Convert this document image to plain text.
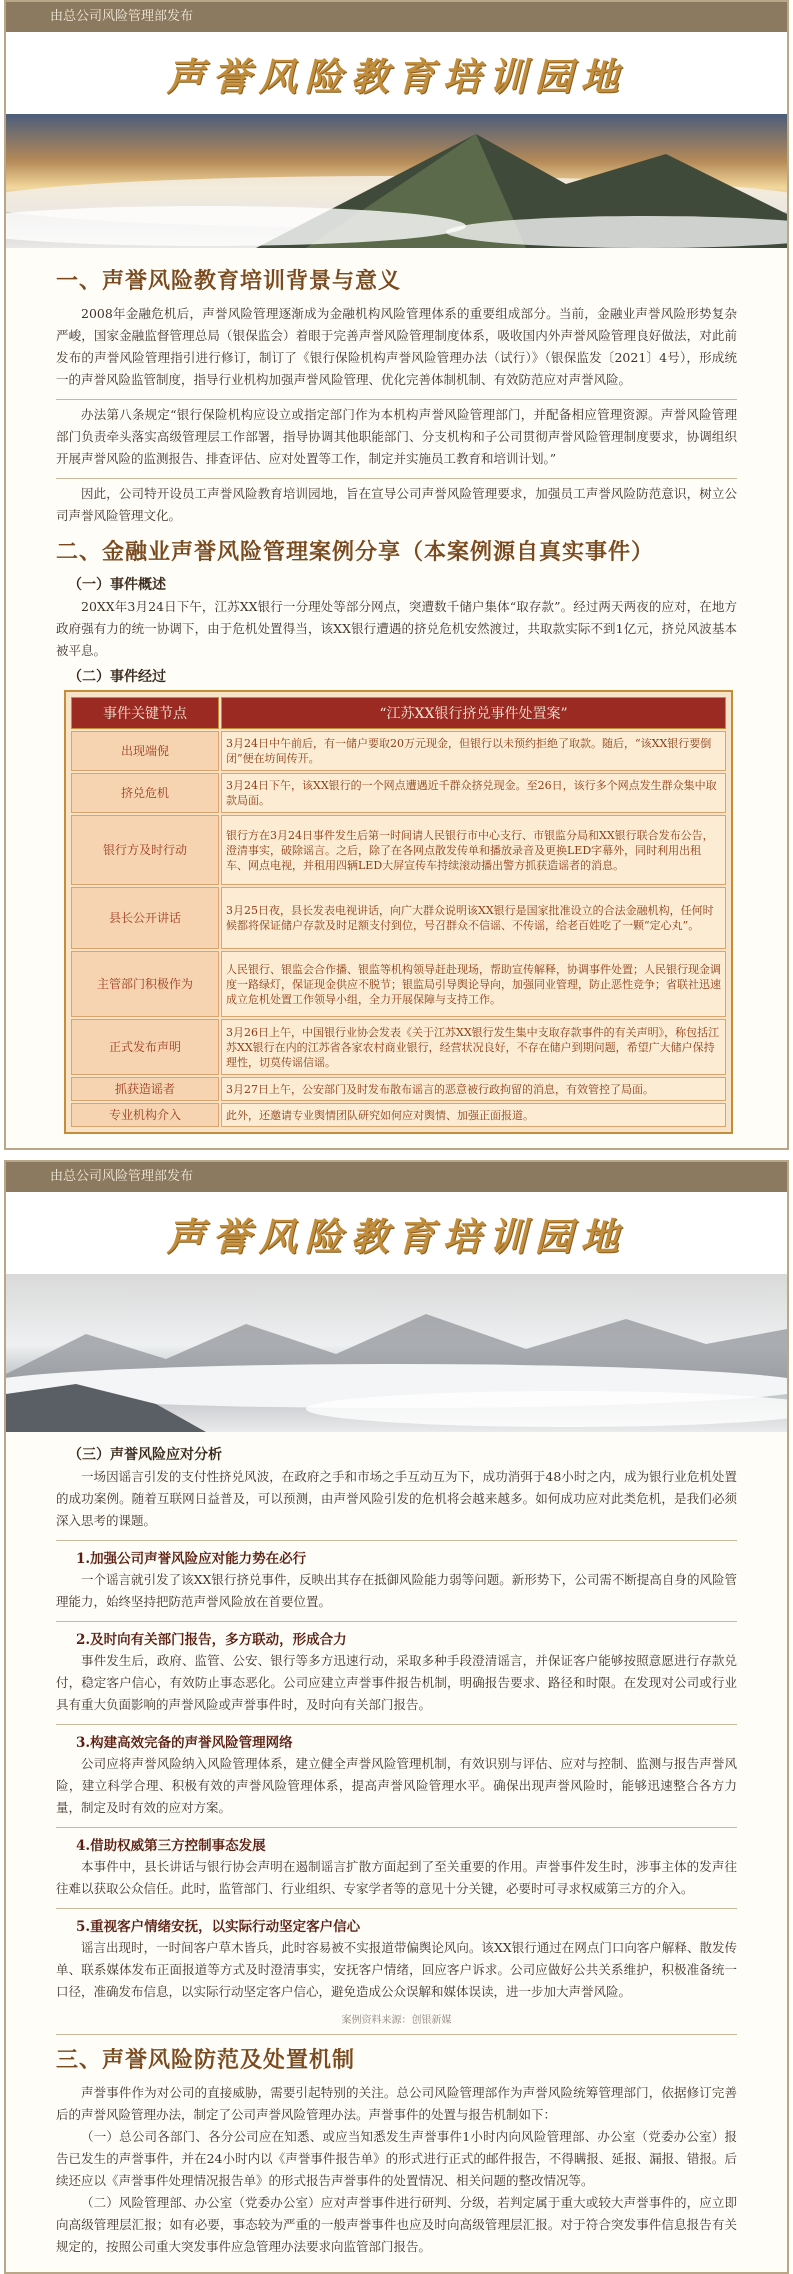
由总公司风险管理部发布
声誉风险教育培训园地
一、声誉风险教育培训背景与意义

2008年金融危机后，声誉风险管理逐渐成为金融机构风险管理体系的重要组成部分。当前，金融业声誉风险形势复杂严峻，国家金融监督管理总局（银保监会）着眼于完善声誉风险管理制度体系，吸收国内外声誉风险管理良好做法，对此前发布的声誉风险管理指引进行修订，制订了《银行保险机构声誉风险管理办法（试行）》（银保监发〔2021〕4号），形成统一的声誉风险监管制度，指导行业机构加强声誉风险管理、优化完善体制机制、有效防范应对声誉风险。

办法第八条规定“银行保险机构应设立或指定部门作为本机构声誉风险管理部门，并配备相应管理资源。声誉风险管理部门负责牵头落实高级管理层工作部署，指导协调其他职能部门、分支机构和子公司贯彻声誉风险管理制度要求，协调组织开展声誉风险的监测报告、排查评估、应对处置等工作，制定并实施员工教育和培训计划。”

因此，公司特开设员工声誉风险教育培训园地，旨在宣导公司声誉风险管理要求，加强员工声誉风险防范意识，树立公司声誉风险管理文化。

二、金融业声誉风险管理案例分享（本案例源自真实事件）
（一）事件概述

20XX年3月24日下午，江苏XX银行一分理处等部分网点，突遭数千储户集体“取存款”。经过两天两夜的应对，在地方政府强有力的统一协调下，由于危机处置得当，该XX银行遭遇的挤兑危机安然渡过，共取款实际不到1亿元，挤兑风波基本被平息。

（二）事件经过
事件关键节点	“江苏XX银行挤兑事件处置案”
出现端倪	3月24日中午前后，有一储户要取20万元现金，但银行以未预约拒绝了取款。随后，“该XX银行要倒闭”便在坊间传开。
挤兑危机	3月24日下午，该XX银行的一个网点遭遇近千群众挤兑现金。至26日，该行多个网点发生群众集中取款局面。
银行方及时行动	银行方在3月24日事件发生后第一时间请人民银行市中心支行、市银监分局和XX银行联合发布公告，澄清事实，破除谣言。之后，除了在各网点散发传单和播放录音及更换LED字幕外，同时利用出租车、网点电视，并租用四辆LED大屏宣传车持续滚动播出警方抓获造谣者的消息。
县长公开讲话	3月25日夜，县长发表电视讲话，向广大群众说明该XX银行是国家批准设立的合法金融机构，任何时候都将保证储户存款及时足额支付到位，号召群众不信谣、不传谣，给老百姓吃了一颗“定心丸”。
主管部门积极作为	人民银行、银监会合作播、银监等机构领导赶赴现场，帮助宣传解释，协调事件处置；人民银行现金调度一路绿灯，保证现金供应不脱节；银监局引导舆论导向，加强同业管理，防止恶性竞争；省联社迅速成立危机处置工作领导小组，全力开展保障与支持工作。
正式发布声明	3月26日上午，中国银行业协会发表《关于江苏XX银行发生集中支取存款事件的有关声明》，称包括江苏XX银行在内的江苏省各家农村商业银行，经营状况良好，不存在储户到期问题，希望广大储户保持理性，切莫传谣信谣。
抓获造谣者	3月27日上午，公安部门及时发布散布谣言的恶意被行政拘留的消息，有效管控了局面。
专业机构介入	此外，还邀请专业舆情团队研究如何应对舆情、加强正面报道。
由总公司风险管理部发布
声誉风险教育培训园地
（三）声誉风险应对分析

一场因谣言引发的支付性挤兑风波，在政府之手和市场之手互动互为下，成功消弭于48小时之内，成为银行业危机处置的成功案例。随着互联网日益普及，可以预测，由声誉风险引发的危机将会越来越多。如何成功应对此类危机，是我们必须深入思考的课题。

1.加强公司声誉风险应对能力势在必行

一个谣言就引发了该XX银行挤兑事件，反映出其存在抵御风险能力弱等问题。新形势下，公司需不断提高自身的风险管理能力，始终坚持把防范声誉风险放在首要位置。

2.及时向有关部门报告，多方联动，形成合力

事件发生后，政府、监管、公安、银行等多方迅速行动，采取多种手段澄清谣言，并保证客户能够按照意愿进行存款兑付，稳定客户信心，有效防止事态恶化。公司应建立声誉事件报告机制，明确报告要求、路径和时限。在发现对公司或行业具有重大负面影响的声誉风险或声誉事件时，及时向有关部门报告。

3.构建高效完备的声誉风险管理网络

公司应将声誉风险纳入风险管理体系，建立健全声誉风险管理机制，有效识别与评估、应对与控制、监测与报告声誉风险，建立科学合理、积极有效的声誉风险管理体系，提高声誉风险管理水平。确保出现声誉风险时，能够迅速整合各方力量，制定及时有效的应对方案。

4.借助权威第三方控制事态发展

本事件中，县长讲话与银行协会声明在遏制谣言扩散方面起到了至关重要的作用。声誉事件发生时，涉事主体的发声往往难以获取公众信任。此时，监管部门、行业组织、专家学者等的意见十分关键，必要时可寻求权威第三方的介入。

5.重视客户情绪安抚，以实际行动坚定客户信心

谣言出现时，一时间客户草木皆兵，此时容易被不实报道带偏舆论风向。该XX银行通过在网点门口向客户解释、散发传单、联系媒体发布正面报道等方式及时澄清事实，安抚客户情绪，回应客户诉求。公司应做好公共关系维护，积极准备统一口径，准确发布信息，以实际行动坚定客户信心，避免造成公众误解和媒体误读，进一步加大声誉风险。

案例资料来源：创银新媒
三、声誉风险防范及处置机制

声誉事件作为对公司的直接威胁，需要引起特别的关注。总公司风险管理部作为声誉风险统筹管理部门，依据修订完善后的声誉风险管理办法，制定了公司声誉风险管理办法。声誉事件的处置与报告机制如下：

（一）总公司各部门、各分公司应在知悉、或应当知悉发生声誉事件1小时内向风险管理部、办公室（党委办公室）报告已发生的声誉事件，并在24小时内以《声誉事件报告单》的形式进行正式的邮件报告，不得瞒报、延报、漏报、错报。后续还应以《声誉事件处理情况报告单》的形式报告声誉事件的处置情况、相关问题的整改情况等。

（二）风险管理部、办公室（党委办公室）应对声誉事件进行研判、分级，若判定属于重大或较大声誉事件的，应立即向高级管理层汇报；如有必要，事态较为严重的一般声誉事件也应及时向高级管理层汇报。对于符合突发事件信息报告有关规定的，按照公司重大突发事件应急管理办法要求向监管部门报告。
